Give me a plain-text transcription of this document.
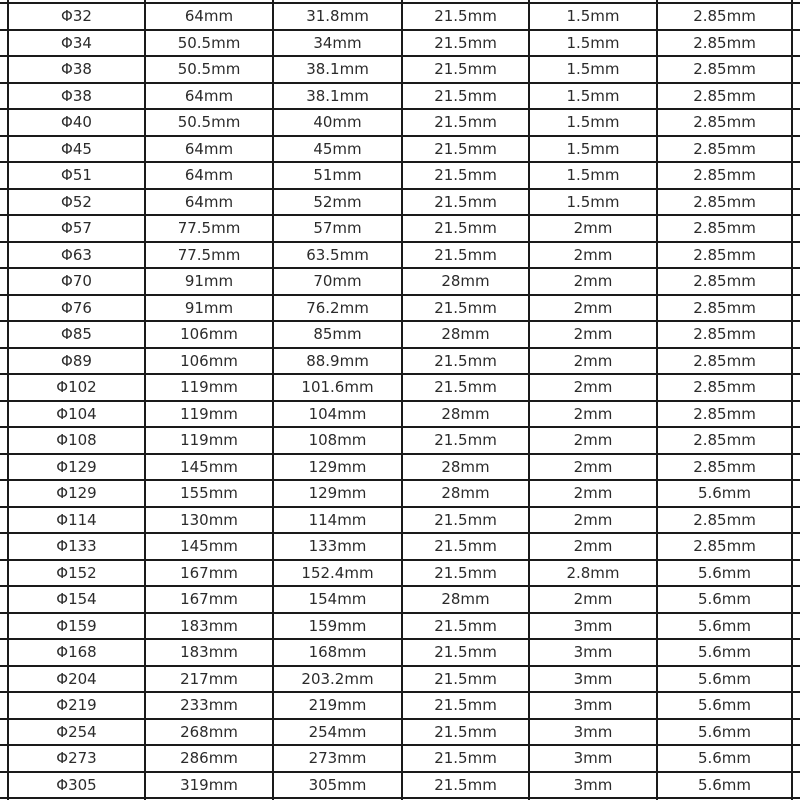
Φ32	64mm	31.8mm	21.5mm	1.5mm	2.85mm
Φ34	50.5mm	34mm	21.5mm	1.5mm	2.85mm
Φ38	50.5mm	38.1mm	21.5mm	1.5mm	2.85mm
Φ38	64mm	38.1mm	21.5mm	1.5mm	2.85mm
Φ40	50.5mm	40mm	21.5mm	1.5mm	2.85mm
Φ45	64mm	45mm	21.5mm	1.5mm	2.85mm
Φ51	64mm	51mm	21.5mm	1.5mm	2.85mm
Φ52	64mm	52mm	21.5mm	1.5mm	2.85mm
Φ57	77.5mm	57mm	21.5mm	2mm	2.85mm
Φ63	77.5mm	63.5mm	21.5mm	2mm	2.85mm
Φ70	91mm	70mm	28mm	2mm	2.85mm
Φ76	91mm	76.2mm	21.5mm	2mm	2.85mm
Φ85	106mm	85mm	28mm	2mm	2.85mm
Φ89	106mm	88.9mm	21.5mm	2mm	2.85mm
Φ102	119mm	101.6mm	21.5mm	2mm	2.85mm
Φ104	119mm	104mm	28mm	2mm	2.85mm
Φ108	119mm	108mm	21.5mm	2mm	2.85mm
Φ129	145mm	129mm	28mm	2mm	2.85mm
Φ129	155mm	129mm	28mm	2mm	5.6mm
Φ114	130mm	114mm	21.5mm	2mm	2.85mm
Φ133	145mm	133mm	21.5mm	2mm	2.85mm
Φ152	167mm	152.4mm	21.5mm	2.8mm	5.6mm
Φ154	167mm	154mm	28mm	2mm	5.6mm
Φ159	183mm	159mm	21.5mm	3mm	5.6mm
Φ168	183mm	168mm	21.5mm	3mm	5.6mm
Φ204	217mm	203.2mm	21.5mm	3mm	5.6mm
Φ219	233mm	219mm	21.5mm	3mm	5.6mm
Φ254	268mm	254mm	21.5mm	3mm	5.6mm
Φ273	286mm	273mm	21.5mm	3mm	5.6mm
Φ305	319mm	305mm	21.5mm	3mm	5.6mm
